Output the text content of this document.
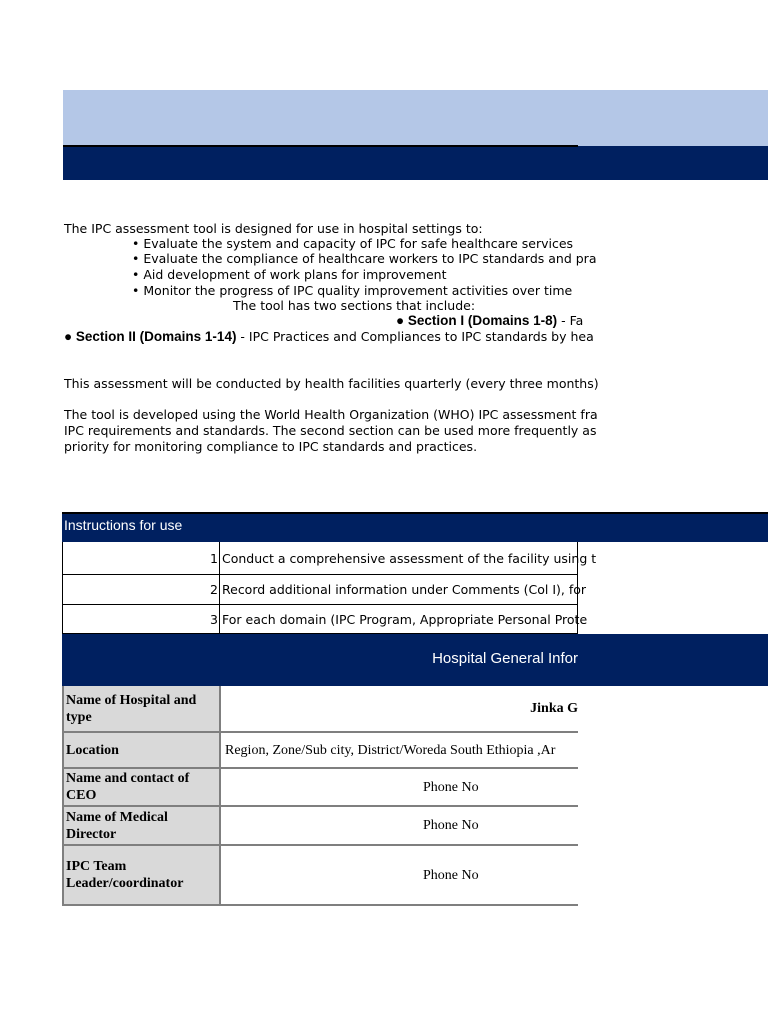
The IPC assessment tool is designed for use in hospital settings to:
• Evaluate the system and capacity of IPC for safe healthcare services
• Evaluate the compliance of healthcare workers to IPC standards and pra
• Aid development of work plans for improvement
• Monitor the progress of IPC quality improvement activities over time
The tool has two sections that include:
● Section I (Domains 1-8) - Fa
● Section II (Domains 1-14) - IPC Practices and Compliances to IPC standards by hea
This assessment will be conducted by health facilities quarterly (every three months)
The tool is developed using the World Health Organization (WHO) IPC assessment fra
IPC requirements and standards. The second section can be used more frequently as
priority for monitoring compliance to IPC standards and practices.
Instructions for use
1 Conduct a comprehensive assessment of the facility using t
2 Record additional information under Comments (Col I), for
3 For each domain (IPC Program, Appropriate Personal Prote
Hospital General Infor
Name of Hospital and type
Jinka G
Location	Region, Zone/Sub city, District/Woreda South Ethiopia ,Ar
Name and contact of CEO
Phone No
Name of Medical Director
Phone No
IPC Team Leader/coordinator
Phone No
